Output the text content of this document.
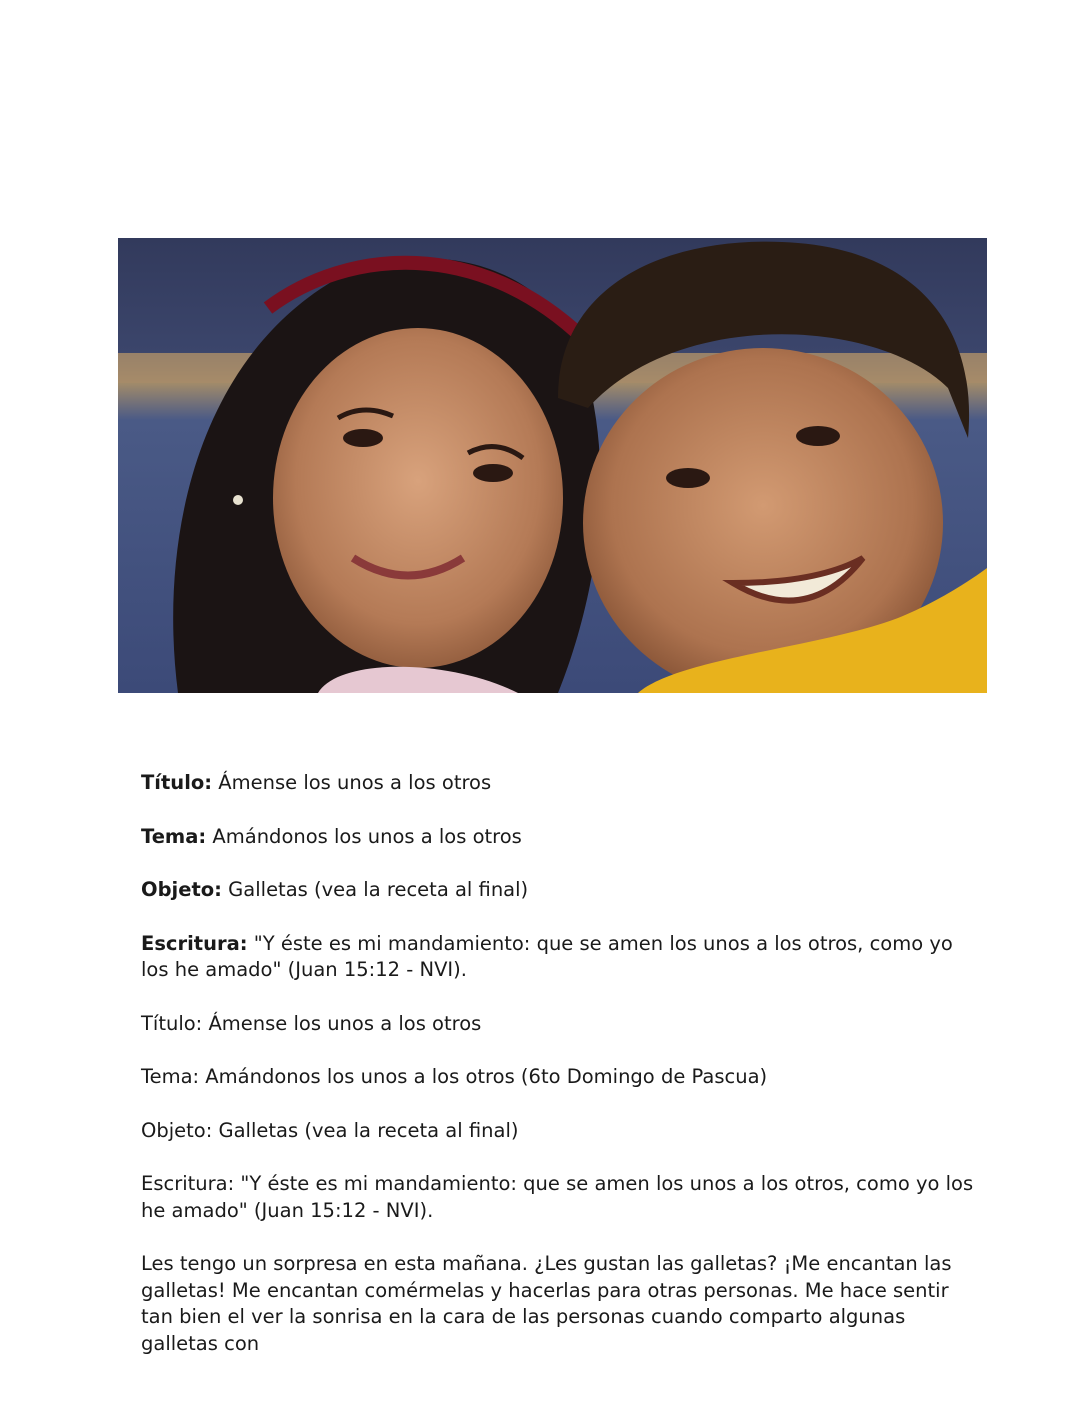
Título: Ámense los unos a los otros

Tema: Amándonos los unos a los otros

Objeto: Galletas (vea la receta al final)

Escritura: "Y éste es mi mandamiento: que se amen los unos a los otros, como yo los he amado" (Juan 15:12 - NVI).

Título: Ámense los unos a los otros

Tema: Amándonos los unos a los otros (6to Domingo de Pascua)

Objeto: Galletas (vea la receta al final)

Escritura: "Y éste es mi mandamiento: que se amen los unos a los otros, como yo los he amado" (Juan 15:12 - NVI).

Les tengo un sorpresa en esta mañana. ¿Les gustan las galletas? ¡Me encantan las galletas! Me encantan comérmelas y hacerlas para otras personas. Me hace sentir tan bien el ver la sonrisa en la cara de las personas cuando comparto algunas galletas con
